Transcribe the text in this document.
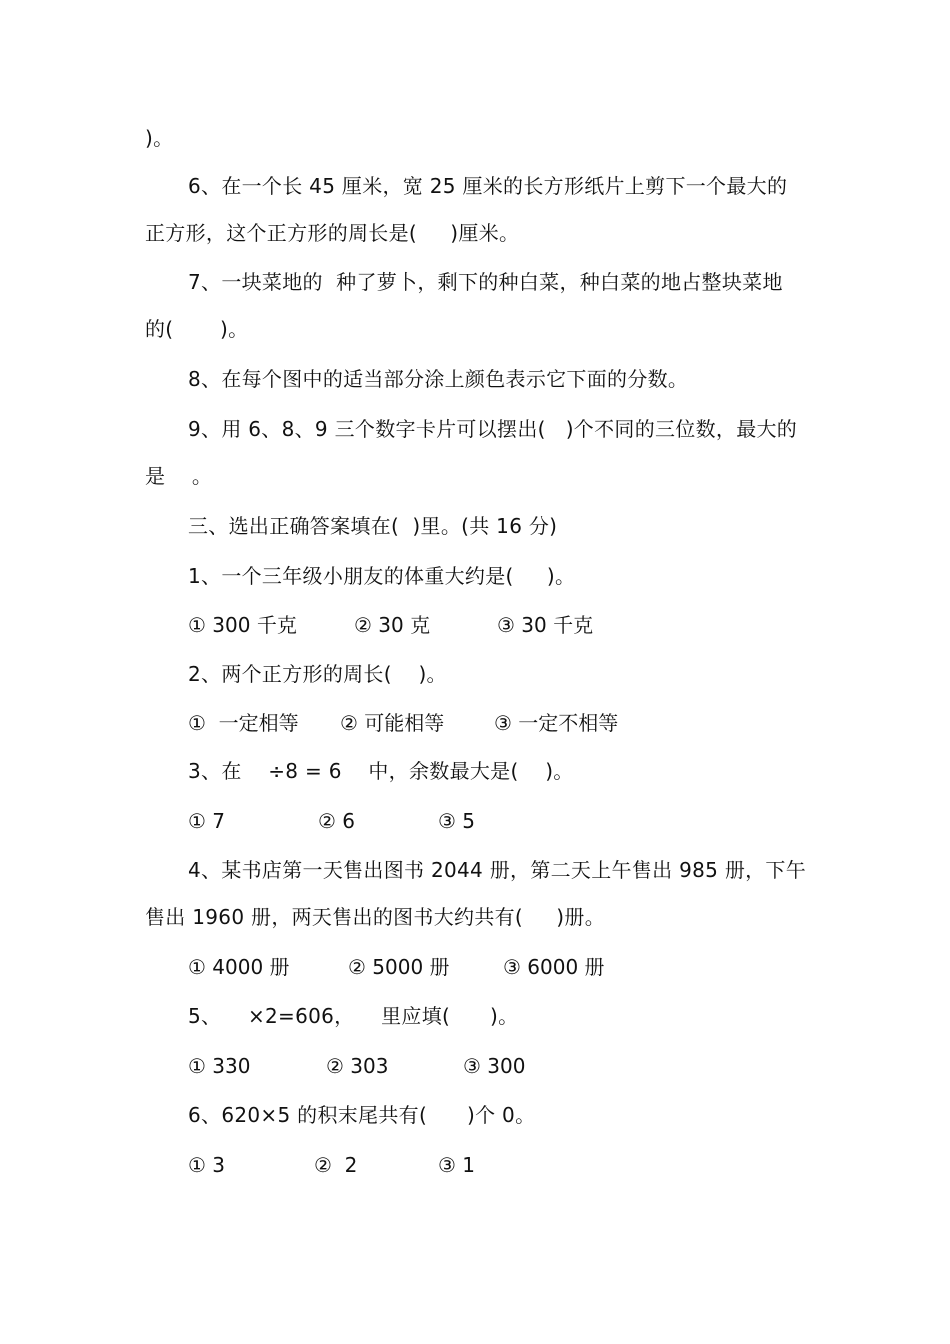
)。
6、在一个长 45 厘米，宽 25 厘米的长方形纸片上剪下一个最大的
正方形，这个正方形的周长是(     )厘米。
7、一块菜地的  种了萝卜，剩下的种白菜，种白菜的地占整块菜地
的(       )。
8、在每个图中的适当部分涂上颜色表示它下面的分数。
9、用 6、8、9 三个数字卡片可以摆出(   )个不同的三位数，最大的
是    。
三、选出正确答案填在(  )里。(共 16 分)
1、一个三年级小朋友的体重大约是(     )。

① 300 千克

	② 30 克

	③ 30 千克

2、两个正方形的周长(    )。

①  一定相等

② 可能相等

③ 一定不相等

3、在    ÷8 = 6    中，余数最大是(    )。

① 7

	② 6

	③ 5

4、某书店第一天售出图书 2044 册，第二天上午售出 985 册，下午
售出 1960 册，两天售出的图书大约共有(     )册。

① 4000 册

	② 5000 册

	③ 6000 册

5、    ×2=606，    里应填(      )。

① 330

	② 303

	③ 300

6、620×5 的积末尾共有(      )个 0。

① 3

	②  2

	③ 1
